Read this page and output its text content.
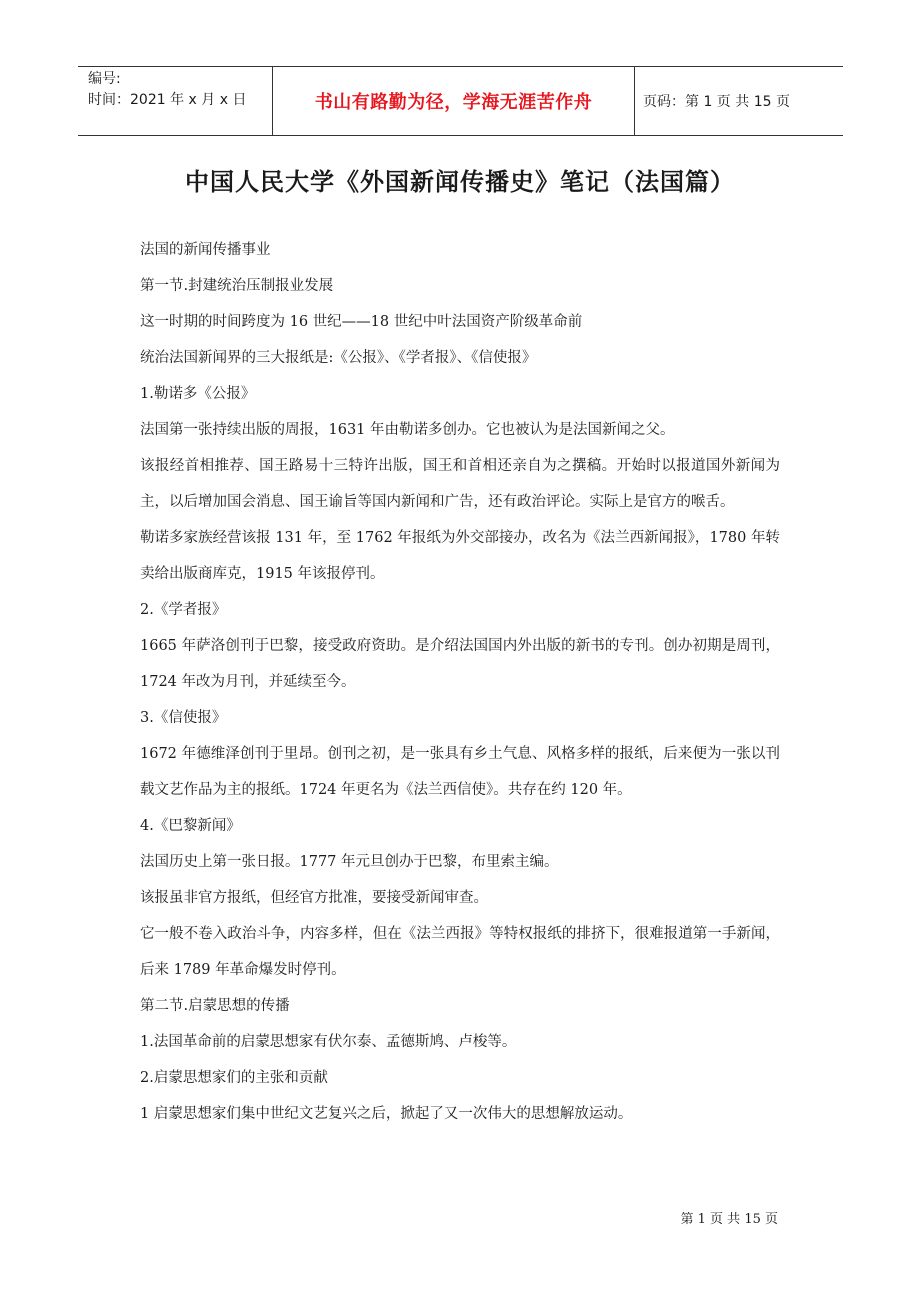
编号:
时间：2021 年 x 月 x 日	书山有路勤为径，学海无涯苦作舟	页码：第 1 页 共 15 页
中国人民大学《外国新闻传播史》笔记（法国篇）

法国的新闻传播事业

第一节.封建统治压制报业发展

这一时期的时间跨度为 16 世纪——18 世纪中叶法国资产阶级革命前

统治法国新闻界的三大报纸是:《公报》、《学者报》、《信使报》

1.勒诺多《公报》

法国第一张持续出版的周报，1631 年由勒诺多创办。它也被认为是法国新闻之父。

该报经首相推荐、国王路易十三特许出版，国王和首相还亲自为之撰稿。开始时以报道国外新闻为主，以后增加国会消息、国王谕旨等国内新闻和广告，还有政治评论。实际上是官方的喉舌。

勒诺多家族经营该报 131 年，至 1762 年报纸为外交部接办，改名为《法兰西新闻报》，1780 年转卖给出版商库克，1915 年该报停刊。

2.《学者报》

1665 年萨洛创刊于巴黎，接受政府资助。是介绍法国国内外出版的新书的专刊。创办初期是周刊，1724 年改为月刊，并延续至今。

3.《信使报》

1672 年德维泽创刊于里昂。创刊之初，是一张具有乡土气息、风格多样的报纸，后来便为一张以刊载文艺作品为主的报纸。1724 年更名为《法兰西信使》。共存在约 120 年。

4.《巴黎新闻》

法国历史上第一张日报。1777 年元旦创办于巴黎，布里索主编。

该报虽非官方报纸，但经官方批准，要接受新闻审查。

它一般不卷入政治斗争，内容多样，但在《法兰西报》等特权报纸的排挤下，很难报道第一手新闻，后来 1789 年革命爆发时停刊。

第二节.启蒙思想的传播

1.法国革命前的启蒙思想家有伏尔泰、孟德斯鸠、卢梭等。

2.启蒙思想家们的主张和贡献

1 启蒙思想家们集中世纪文艺复兴之后，掀起了又一次伟大的思想解放运动。

第 1 页 共 15 页
